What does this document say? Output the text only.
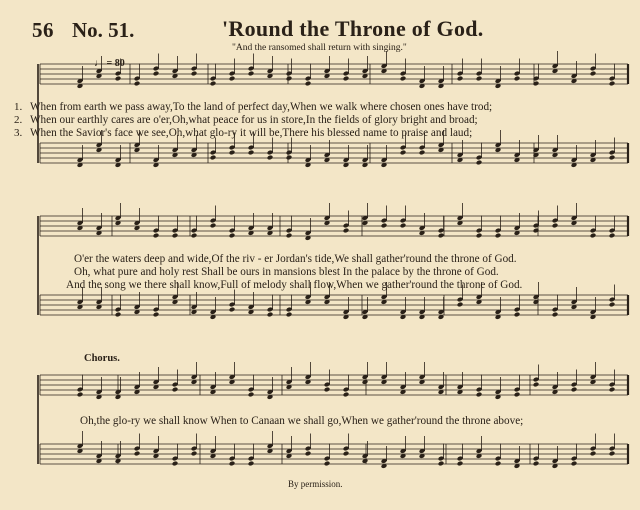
56 No. 51.	'Round the Throne of God.
"And the ransomed shall return with singing."
♩ = 80
1.
2.
3.
When from earth we pass away,To the land of perfect day,When we walk where chosen ones have trod;
When our earthly cares are o'er,Oh,what peace for us in store,In the fields of glory bright and broad;
When the Savior's face we see,Oh,what glo-ry it will be,There his blessed name to praise and laud;
O'er the waters deep and wide,Of the riv - er Jordan's tide,We shall gather'round the throne of God.
Oh, what pure and holy rest Shall be ours in mansions blest In the palace by the throne of God.
And the song we there shall know,Full of melody shall flow,When we gather'round the throne of God.
Chorus.
Oh,the glo-ry we shall know When to Canaan we shall go,When we gather'round the throne above;
By permission.
